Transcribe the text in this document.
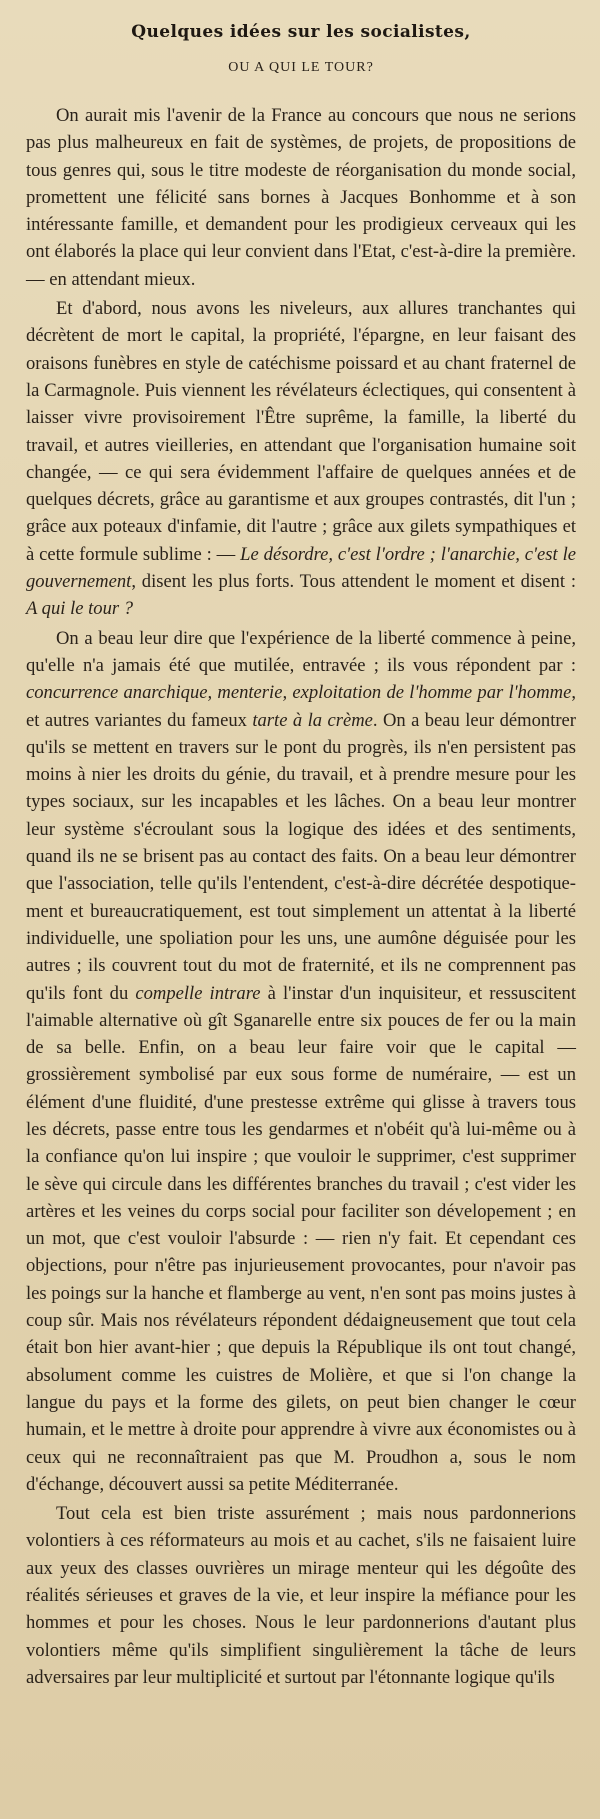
Quelques idées sur les socialistes,
OU A QUI LE TOUR?

On aurait mis l'avenir de la France au concours que nous ne serions pas plus malheureux en fait de systèmes, de projets, de propositions de tous genres qui, sous le titre modeste de réorganisation du monde social, promettent une félicité sans bornes à Jacques Bonhomme et à son intéressante famille, et demandent pour les prodigieux cerveaux qui les ont élaborés la place qui leur convient dans l'Etat, c'est-à-dire la première. — en attendant mieux.

Et d'abord, nous avons les niveleurs, aux allures tranchantes qui décrètent de mort le capital, la propriété, l'épargne, en leur faisant des oraisons funèbres en style de catéchisme poissard et au chant fraternel de la Carmagnole. Puis viennent les révélateurs éclectiques, qui consentent à laisser vivre provisoirement l'Être suprême, la famille, la liberté du travail, et autres vieilleries, en attendant que l'organisation humaine soit changée, — ce qui sera évidemment l'affaire de quelques années et de quelques décrets, grâce au garantisme et aux groupes contrastés, dit l'un ; grâce aux poteaux d'infamie, dit l'autre ; grâce aux gilets sympathiques et à cette formule sublime : — Le désordre, c'est l'ordre ; l'anarchie, c'est le gouvernement, disent les plus forts. Tous attendent le moment et disent : A qui le tour ?

On a beau leur dire que l'expérience de la liberté commence à peine, qu'elle n'a jamais été que mutilée, entravée ; ils vous répondent par : concurrence anarchique, menterie, exploitation de l'homme par l'homme, et autres variantes du fameux tarte à la crème. On a beau leur démontrer qu'ils se mettent en travers sur le pont du progrès, ils n'en persistent pas moins à nier les droits du génie, du travail, et à prendre mesure pour les types sociaux, sur les incapables et les lâches. On a beau leur montrer leur système s'écroulant sous la logique des idées et des sentiments, quand ils ne se brisent pas au contact des faits. On a beau leur démontrer que l'association, telle qu'ils l'entendent, c'est-à-dire décrétée despotiquement et bureaucratiquement, est tout simplement un attentat à la liberté individuelle, une spoliation pour les uns, une aumône déguisée pour les autres ; ils couvrent tout du mot de fraternité, et ils ne comprennent pas qu'ils font du compelle intrare à l'instar d'un inquisiteur, et ressuscitent l'aimable alternative où gît Sganarelle entre six pouces de fer ou la main de sa belle. Enfin, on a beau leur faire voir que le capital — grossièrement symbolisé par eux sous forme de numéraire, — est un élément d'une fluidité, d'une prestesse extrême qui glisse à travers tous les décrets, passe entre tous les gendarmes et n'obéit qu'à lui-même ou à la confiance qu'on lui inspire ; que vouloir le supprimer, c'est supprimer le sève qui circule dans les différentes branches du travail ; c'est vider les artères et les veines du corps social pour faciliter son dévelopement ; en un mot, que c'est vouloir l'absurde : — rien n'y fait. Et cependant ces objections, pour n'être pas injurieusement provocantes, pour n'avoir pas les poings sur la hanche et flamberge au vent, n'en sont pas moins justes à coup sûr. Mais nos révélateurs répondent dédaigneusement que tout cela était bon hier avant-hier ; que depuis la République ils ont tout changé, absolument comme les cuistres de Molière, et que si l'on change la langue du pays et la forme des gilets, on peut bien changer le cœur humain, et le mettre à droite pour apprendre à vivre aux économistes ou à ceux qui ne reconnaîtraient pas que M. Proudhon a, sous le nom d'échange, découvert aussi sa petite Méditerranée.

Tout cela est bien triste assurément ; mais nous pardonnerions volontiers à ces réformateurs au mois et au cachet, s'ils ne faisaient luire aux yeux des classes ouvrières un mirage menteur qui les dégoûte des réalités sérieuses et graves de la vie, et leur inspire la méfiance pour les hommes et pour les choses. Nous le leur pardonnerions d'autant plus volontiers même qu'ils simplifient singulièrement la tâche de leurs adversaires par leur multiplicité et surtout par l'étonnante logique qu'ils
